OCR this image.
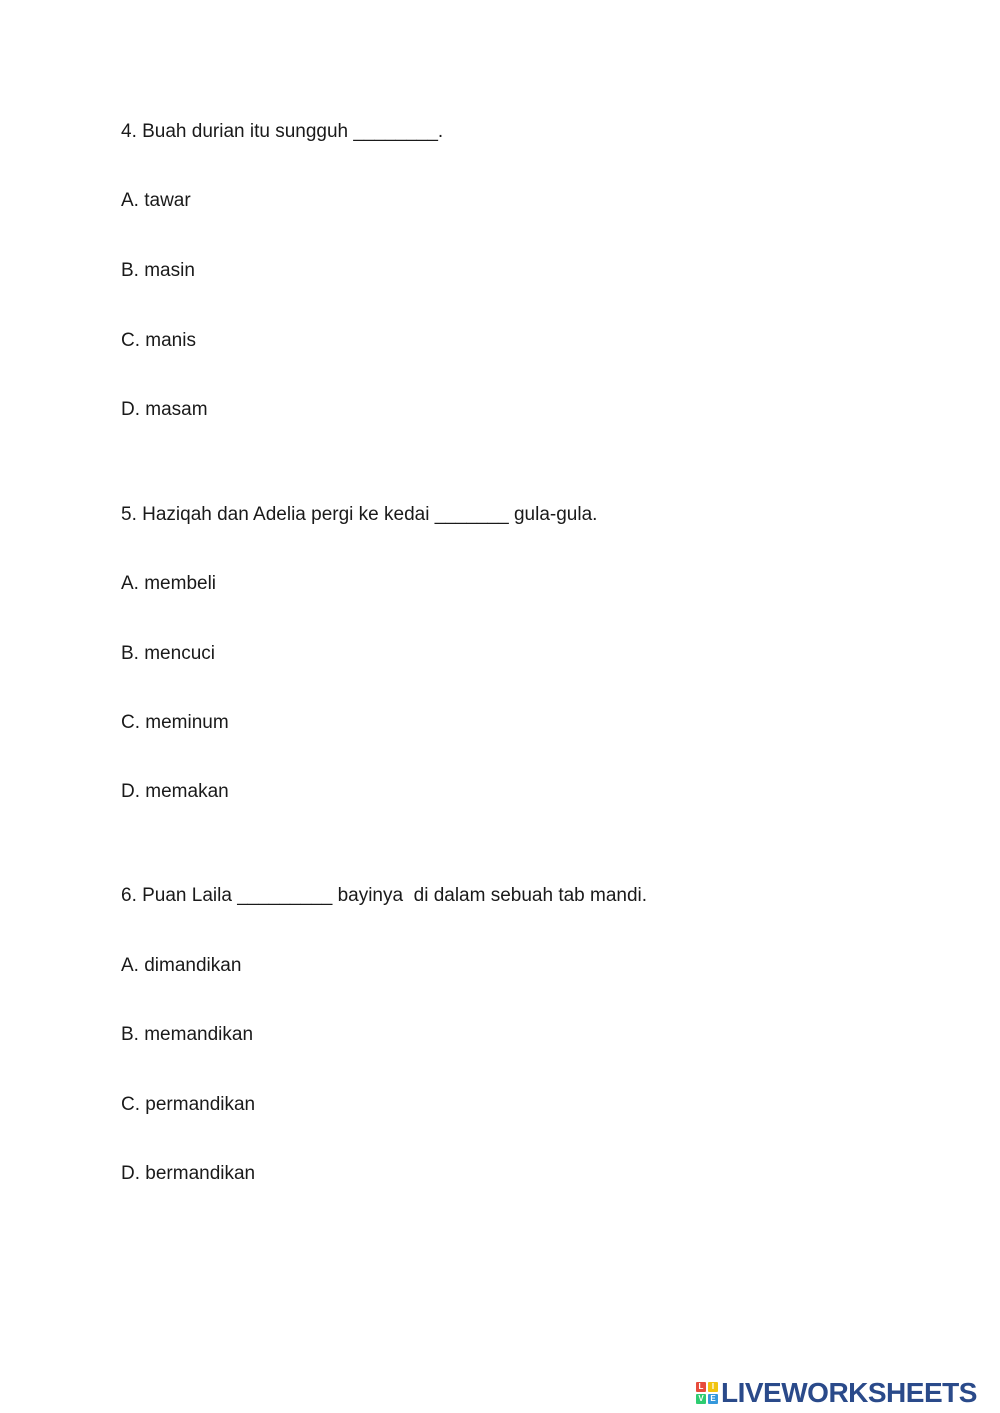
4. Buah durian itu sungguh ________.
A. tawar
B. masin
C. manis
D. masam
5. Haziqah dan Adelia pergi ke kedai _______ gula-gula.
A. membeli
B. mencuci
C. meminum
D. memakan
6. Puan Laila _________ bayinya  di dalam sebuah tab mandi.
A. dimandikan
B. memandikan
C. permandikan
D. bermandikan
L	I
V E LIVEWORKSHEETS
